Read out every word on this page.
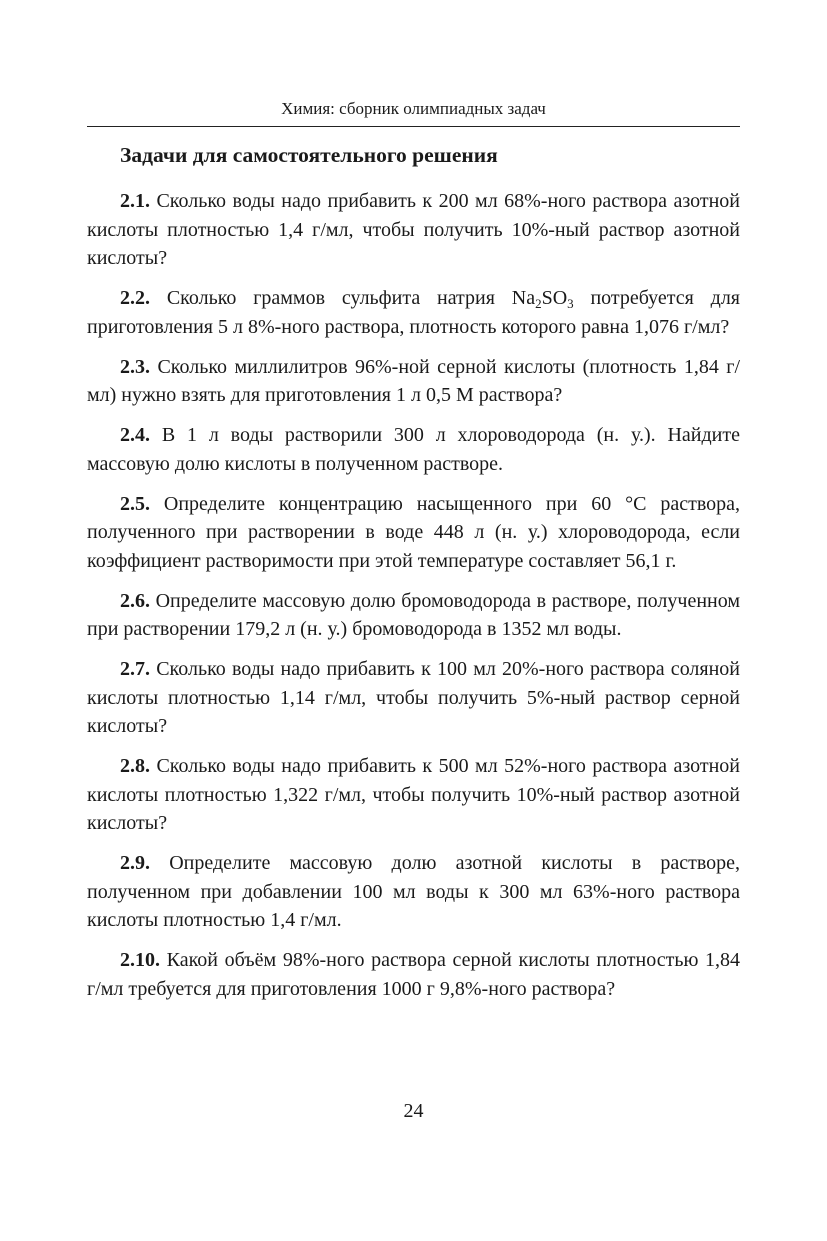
Химия: сборник олимпиадных задач
Задачи для самостоятельного решения

2.1. Сколько воды надо прибавить к 200 мл 68%-ного раствора азотной кислоты плотностью 1,4 г/мл, чтобы получить 10%-ный раствор азотной кислоты?

2.2. Сколько граммов сульфита натрия $Na_2SO_3$ потребуется для приготовления 5 л 8%-ного раствора, плотность которого равна 1,076 г/мл?

2.3. Сколько миллилитров 96%-ной серной кислоты (плотность 1,84 г/мл) нужно взять для приготовления 1 л 0,5 М раствора?

2.4. В 1 л воды растворили 300 л хлороводорода (н. у.). Найдите массовую долю кислоты в полученном растворе.

2.5. Определите концентрацию насыщенного при 60 °С раствора, полученного при растворении в воде 448 л (н. у.) хлороводорода, если коэффициент растворимости при этой температуре составляет 56,1 г.

2.6. Определите массовую долю бромоводорода в растворе, полученном при растворении 179,2 л (н. у.) бромоводорода в 1352 мл воды.

2.7. Сколько воды надо прибавить к 100 мл 20%-ного раствора соляной кислоты плотностью 1,14 г/мл, чтобы получить 5%-ный раствор серной кислоты?

2.8. Сколько воды надо прибавить к 500 мл 52%-ного раствора азотной кислоты плотностью 1,322 г/мл, чтобы получить 10%-ный раствор азотной кислоты?

2.9. Определите массовую долю азотной кислоты в растворе, полученном при добавлении 100 мл воды к 300 мл 63%-ного раствора кислоты плотностью 1,4 г/мл.

2.10. Какой объём 98%-ного раствора серной кислоты плотностью 1,84 г/мл требуется для приготовления 1000 г 9,8%-ного раствора?

24
